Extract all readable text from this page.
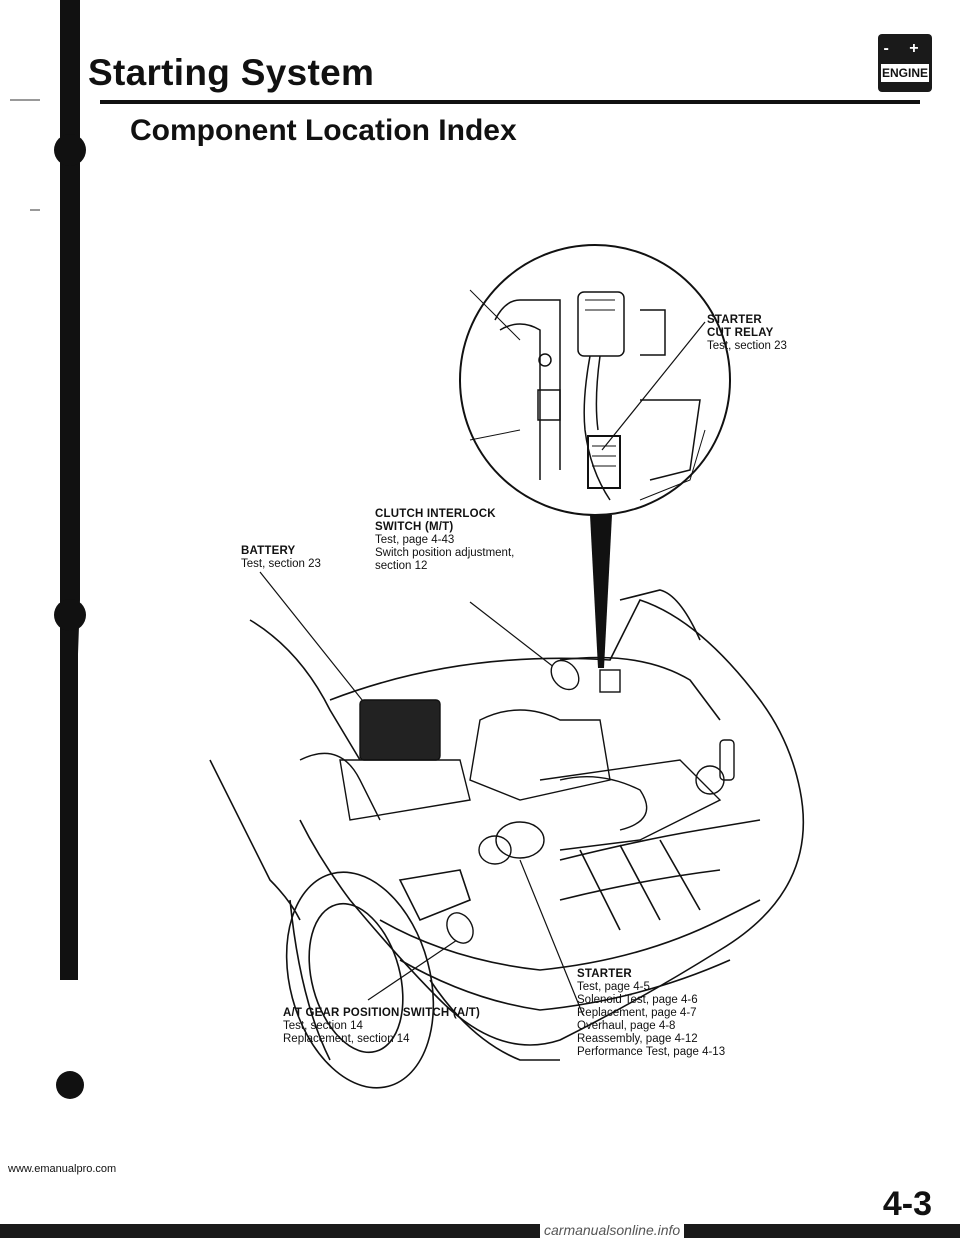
Starting System
Component Location Index
- +
ENGINE
STARTER
CUT RELAY
Test, section 23
CLUTCH INTERLOCK
SWITCH (M/T)
Test, page 4-43
Switch position adjustment,
section 12
BATTERY
Test, section 23
A/T GEAR POSITION SWITCH (A/T)
Test, section 14
Replacement, section 14
STARTER
Test, page 4-5
Solenoid Test, page 4-6
Replacement, page 4-7
Overhaul, page 4-8
Reassembly, page 4-12
Performance Test, page 4-13
www.emanualpro.com
4-3
carmanualsonline.info
